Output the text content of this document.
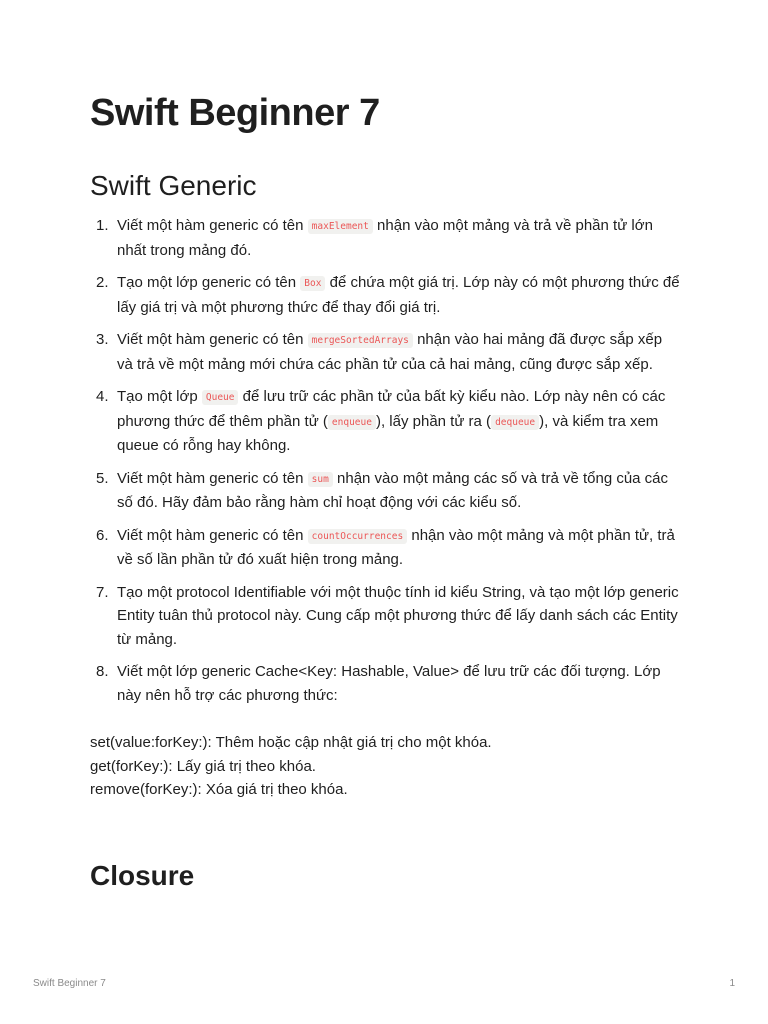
Swift Beginner 7
Swift Generic
1. Viết một hàm generic có tên maxElement nhận vào một mảng và trả về phần tử lớn nhất trong mảng đó.
2. Tạo một lớp generic có tên Box để chứa một giá trị. Lớp này có một phương thức để lấy giá trị và một phương thức để thay đổi giá trị.
3. Viết một hàm generic có tên mergeSortedArrays nhận vào hai mảng đã được sắp xếp và trả về một mảng mới chứa các phần tử của cả hai mảng, cũng được sắp xếp.
4. Tạo một lớp Queue để lưu trữ các phần tử của bất kỳ kiểu nào. Lớp này nên có các phương thức để thêm phần tử ( enqueue ), lấy phần tử ra ( dequeue ), và kiểm tra xem queue có rỗng hay không.
5. Viết một hàm generic có tên sum nhận vào một mảng các số và trả về tổng của các số đó. Hãy đảm bảo rằng hàm chỉ hoạt động với các kiểu số.
6. Viết một hàm generic có tên countOccurrences nhận vào một mảng và một phần tử, trả về số lần phần tử đó xuất hiện trong mảng.
7. Tạo một protocol Identifiable với một thuộc tính id kiểu String, và tạo một lớp generic Entity tuân thủ protocol này. Cung cấp một phương thức để lấy danh sách các Entity từ mảng.
8. Viết một lớp generic Cache<Key: Hashable, Value> để lưu trữ các đối tượng. Lớp này nên hỗ trợ các phương thức:

set(value:forKey:): Thêm hoặc cập nhật giá trị cho một khóa.

get(forKey:): Lấy giá trị theo khóa.

remove(forKey:): Xóa giá trị theo khóa.

Closure
Swift Beginner 7	1
